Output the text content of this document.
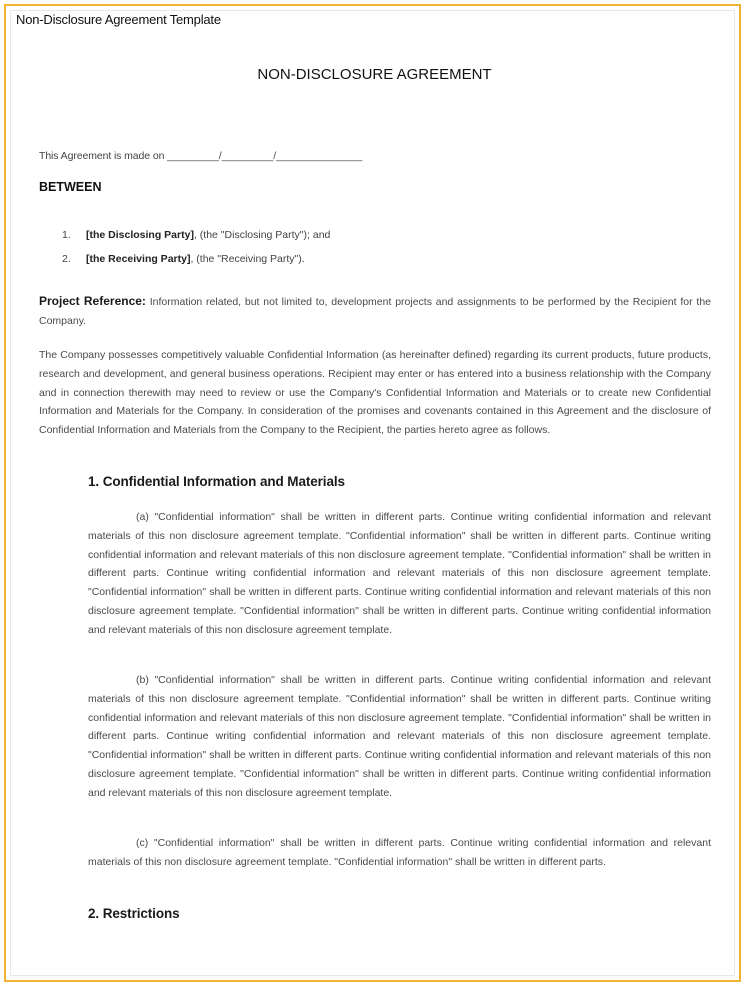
Non-Disclosure Agreement Template
NON-DISCLOSURE AGREEMENT
This Agreement is made on _________/_________/_______________
BETWEEN
1. [the Disclosing Party], (the "Disclosing Party"); and
2. [the Receiving Party], (the "Receiving Party").

Project Reference: Information related, but not limited to, development projects and assignments to be performed by the Recipient for the Company.

The Company possesses competitively valuable Confidential Information (as hereinafter defined) regarding its current products, future products, research and development, and general business operations. Recipient may enter or has entered into a business relationship with the Company and in connection therewith may need to review or use the Company's Confidential Information and Materials or to create new Confidential Information and Materials for the Company. In consideration of the promises and covenants contained in this Agreement and the disclosure of Confidential Information and Materials from the Company to the Recipient, the parties hereto agree as follows.

1. Confidential Information and Materials

(a) "Confidential information" shall be written in different parts. Continue writing confidential information and relevant materials of this non disclosure agreement template. "Confidential information" shall be written in different parts. Continue writing confidential information and relevant materials of this non disclosure agreement template. "Confidential information" shall be written in different parts. Continue writing confidential information and relevant materials of this non disclosure agreement template. "Confidential information" shall be written in different parts. Continue writing confidential information and relevant materials of this non disclosure agreement template. "Confidential information" shall be written in different parts. Continue writing confidential information and relevant materials of this non disclosure agreement template.

(b) "Confidential information" shall be written in different parts. Continue writing confidential information and relevant materials of this non disclosure agreement template. "Confidential information" shall be written in different parts. Continue writing confidential information and relevant materials of this non disclosure agreement template. "Confidential information" shall be written in different parts. Continue writing confidential information and relevant materials of this non disclosure agreement template. "Confidential information" shall be written in different parts. Continue writing confidential information and relevant materials of this non disclosure agreement template. "Confidential information" shall be written in different parts. Continue writing confidential information and relevant materials of this non disclosure agreement template.

(c) "Confidential information" shall be written in different parts. Continue writing confidential information and relevant materials of this non disclosure agreement template. "Confidential information" shall be written in different parts.

2. Restrictions
